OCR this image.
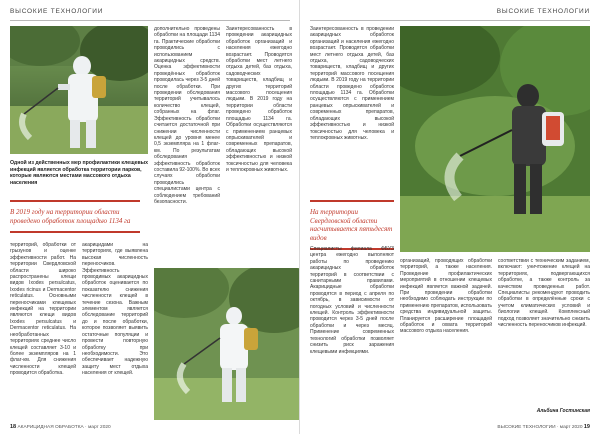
ВЫСОКИЕ ТЕХНОЛОГИИ
Одной из действенных мер профилактики клещевых инфекций является обработка территории парков, которые являются местами массового отдыха населения
В 2019 году на территории области проведено обработок площадью 1134 га
территорий, обработки от грызунов и оценке эффективности работ. На территории Свердловской области широко распространены клещи видов Ixodes persulcatus, Ixodes ricinus и Dermacentor reticulatus. Основными переносчиками клещевых инфекций на территории являются клещи видов Ixodes persulcatus и Dermacentor reticulatus. На необработанных территориях среднее число клещей составляет 3-10 и более экземпляров на 1 флаг-км. Для снижения численности клещей проводится обработка.
акарицидами на территориях, где выявлена высокая численность переносчиков. Эффективность проводимых акарицидных обработок оценивается по показателю снижения численности клещей в течение сезона. Важным элементом является обследование территорий до и после обработки, которое позволяет выявить остаточные популяции и провести повторную обработку при необходимости. Это обеспечивает надежную защиту мест отдыха населения от клещей.
дополнительно проведены обработки на площади 1134 га. Практические обработки проводились с использованием акарицидных средств. Оценка эффективности проведённых обработок проводилась через 3-5 дней после обработки. При проведении обследования территорий учитывалось количество клещей, собранных на флаг. Эффективность обработки считается достаточной при снижении численности клещей до уровня менее 0,5 экземпляра на 1 флаг-км. По результатам обследования эффективность обработок составила 92-100%. Во всех случаях обработки проводились специалистами центра с соблюдением требований безопасности.
Заинтересованность в проведении акарицидных обработок организаций и населения ежегодно возрастает. Проводятся обработки мест летнего отдыха детей, баз отдыха, садоводческих товариществ, кладбищ и других территорий массового посещения людьми. В 2019 году на территории области проведено обработок площадью 1134 га. Обработки осуществляются с применением ранцевых опрыскивателей и современных препаратов, обладающих высокой эффективностью и низкой токсичностью для человека и теплокровных животных.
18 АКАРИЦИДНАЯ ОБРАБОТКА · март 2020
ВЫСОКИЕ ТЕХНОЛОГИИ
Заинтересованность в проведении акарицидных обработок организаций и населения ежегодно возрастает. Проводятся обработки мест летнего отдыха детей, баз отдыха, садоводческих товариществ, кладбищ и других территорий массового посещения людьми. В 2019 году на территории области проведено обработок площадью 1134 га. Обработки осуществляются с применением ранцевых опрыскивателей и современных препаратов, обладающих высокой эффективностью и низкой токсичностью для человека и теплокровных животных.
На территории Свердловской области насчитывается пятьдесят видов
Специалисты филиала ФБУЗ центра ежегодно выполняют работы по проведению акарицидных обработок территорий в соответствии с санитарными правилами. Акарицидные обработки проводятся в период с апреля по октябрь, в зависимости от погодных условий и численности клещей. Контроль эффективности проводится через 3-5 дней после обработки и через месяц. Применение современных технологий обработки позволяет снизить риск заражения клещевыми инфекциями.
организаций, проводящих обработки территорий, а также населения. Проведение профилактических мероприятий в отношении клещевых инфекций является важной задачей. При проведении обработки необходимо соблюдать инструкции по применению препаратов, использовать средства индивидуальной защиты. Планируется расширение площадей обработок и охвата территорий массового отдыха населения.
соответствии с техническим заданием, включают: уничтожение клещей на территориях, подвергающихся обработке, а также контроль за качеством проведенных работ. Специалисты рекомендуют проводить обработки в определённые сроки с учетом климатических условий и биологии клещей. Комплексный подход позволяет значительно снизить численность переносчиков инфекций.
Альбина Гостинская
ВЫСОКИЕ ТЕХНОЛОГИИ · март 2020 19
